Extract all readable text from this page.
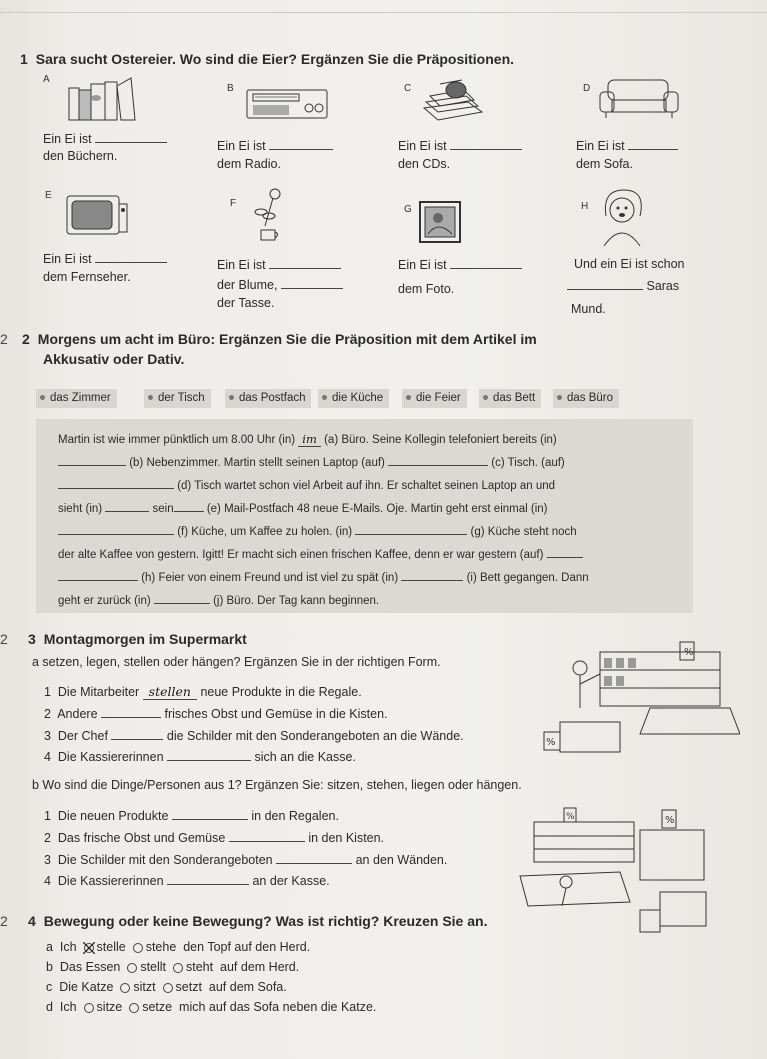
1 Sara sucht Ostereier. Wo sind die Eier? Ergänzen Sie die Präpositionen.
A
Ein Ei ist
den Büchern.
B
Ein Ei ist
dem Radio.
C
Ein Ei ist
den CDs.
D
Ein Ei ist
dem Sofa.
E
Ein Ei ist
dem Fernseher.
F
Ein Ei ist
der Blume,
der Tasse.
G
Ein Ei ist
dem Foto.
H
Und ein Ei ist schon
Saras
Mund.
2 2 Morgens um acht im Büro: Ergänzen Sie die Präposition mit dem Artikel im
Akkusativ oder Dativ.
das Zimmer	der Tisch	das Postfach	die Küche	die Feier	das Bett	das Büro
Martin ist wie immer pünktlich um 8.00 Uhr (in) im (a) Büro. Seine Kollegin telefoniert bereits (in)
(b) Nebenzimmer. Martin stellt seinen Laptop (auf)	(c) Tisch. (auf)
(d) Tisch wartet schon viel Arbeit auf ihn. Er schaltet seinen Laptop an und
sieht (in)	sein	(e) Mail-Postfach 48 neue E-Mails. Oje. Martin geht erst einmal (in)
(f) Küche, um Kaffee zu holen. (in)	(g) Küche steht noch
der alte Kaffee von gestern. Igitt! Er macht sich einen frischen Kaffee, denn er war gestern (auf)
(h) Feier von einem Freund und ist viel zu spät (in)	(i) Bett gegangen. Dann
geht er zurück (in)	(j) Büro. Der Tag kann beginnen.
2 3 Montagmorgen im Supermarkt
a setzen, legen, stellen oder hängen? Ergänzen Sie in der richtigen Form.
1 Die Mitarbeiter stellen neue Produkte in die Regale.
2 Andere	frisches Obst und Gemüse in die Kisten.
3 Der Chef	die Schilder mit den Sonderangeboten an die Wände.
4 Die Kassiererinnen	sich an die Kasse.
%
%
b Wo sind die Dinge/Personen aus 1? Ergänzen Sie: sitzen, stehen, liegen oder hängen.
1 Die neuen Produkte	in den Regalen.
2 Das frische Obst und Gemüse	in den Kisten.
3 Die Schilder mit den Sonderangeboten	an den Wänden.
4 Die Kassiererinnen	an der Kasse.
%
%
2 4 Bewegung oder keine Bewegung? Was ist richtig? Kreuzen Sie an.
a Ich stelle stehe den Topf auf den Herd.
b Das Essen stellt steht auf dem Herd.
c Die Katze sitzt setzt auf dem Sofa.
d Ich sitze setze mich auf das Sofa neben die Katze.
